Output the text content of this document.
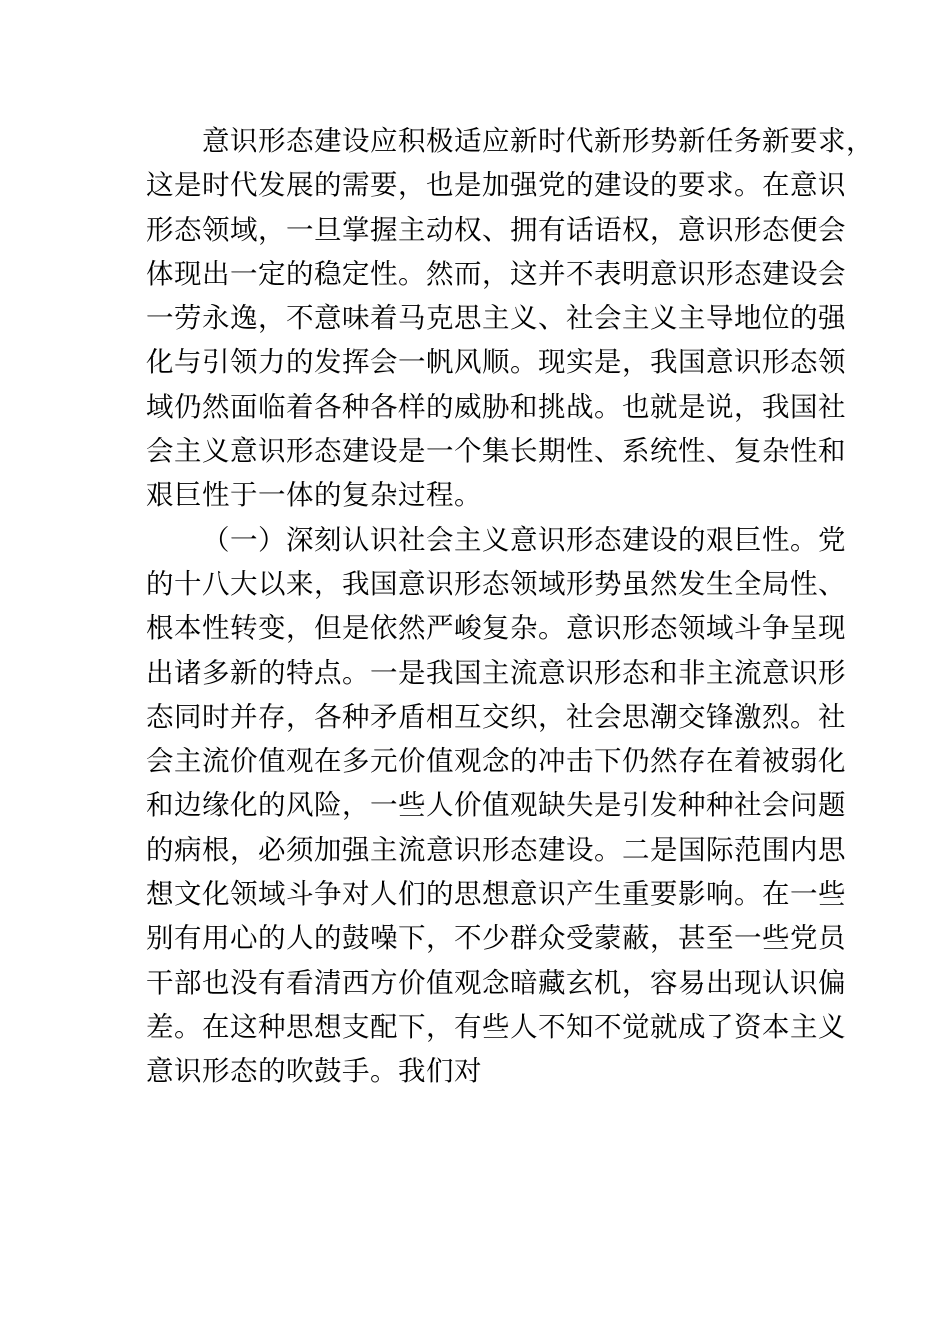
意识形态建设应积极适应新时代新形势新任务新要求，
这是时代发展的需要，也是加强党的建设的要求。在意识
形态领域，一旦掌握主动权、拥有话语权，意识形态便会
体现出一定的稳定性。然而，这并不表明意识形态建设会
一劳永逸，不意味着马克思主义、社会主义主导地位的强
化与引领力的发挥会一帆风顺。现实是，我国意识形态领
域仍然面临着各种各样的威胁和挑战。也就是说，我国社
会主义意识形态建设是一个集长期性、系统性、复杂性和
艰巨性于一体的复杂过程。
（一）深刻认识社会主义意识形态建设的艰巨性。党
的十八大以来，我国意识形态领域形势虽然发生全局性、
根本性转变，但是依然严峻复杂。意识形态领域斗争呈现
出诸多新的特点。一是我国主流意识形态和非主流意识形
态同时并存，各种矛盾相互交织，社会思潮交锋激烈。社
会主流价值观在多元价值观念的冲击下仍然存在着被弱化
和边缘化的风险，一些人价值观缺失是引发种种社会问题
的病根，必须加强主流意识形态建设。二是国际范围内思
想文化领域斗争对人们的思想意识产生重要影响。在一些
别有用心的人的鼓噪下，不少群众受蒙蔽，甚至一些党员
干部也没有看清西方价值观念暗藏玄机，容易出现认识偏
差。在这种思想支配下，有些人不知不觉就成了资本主义
意识形态的吹鼓手。我们对
